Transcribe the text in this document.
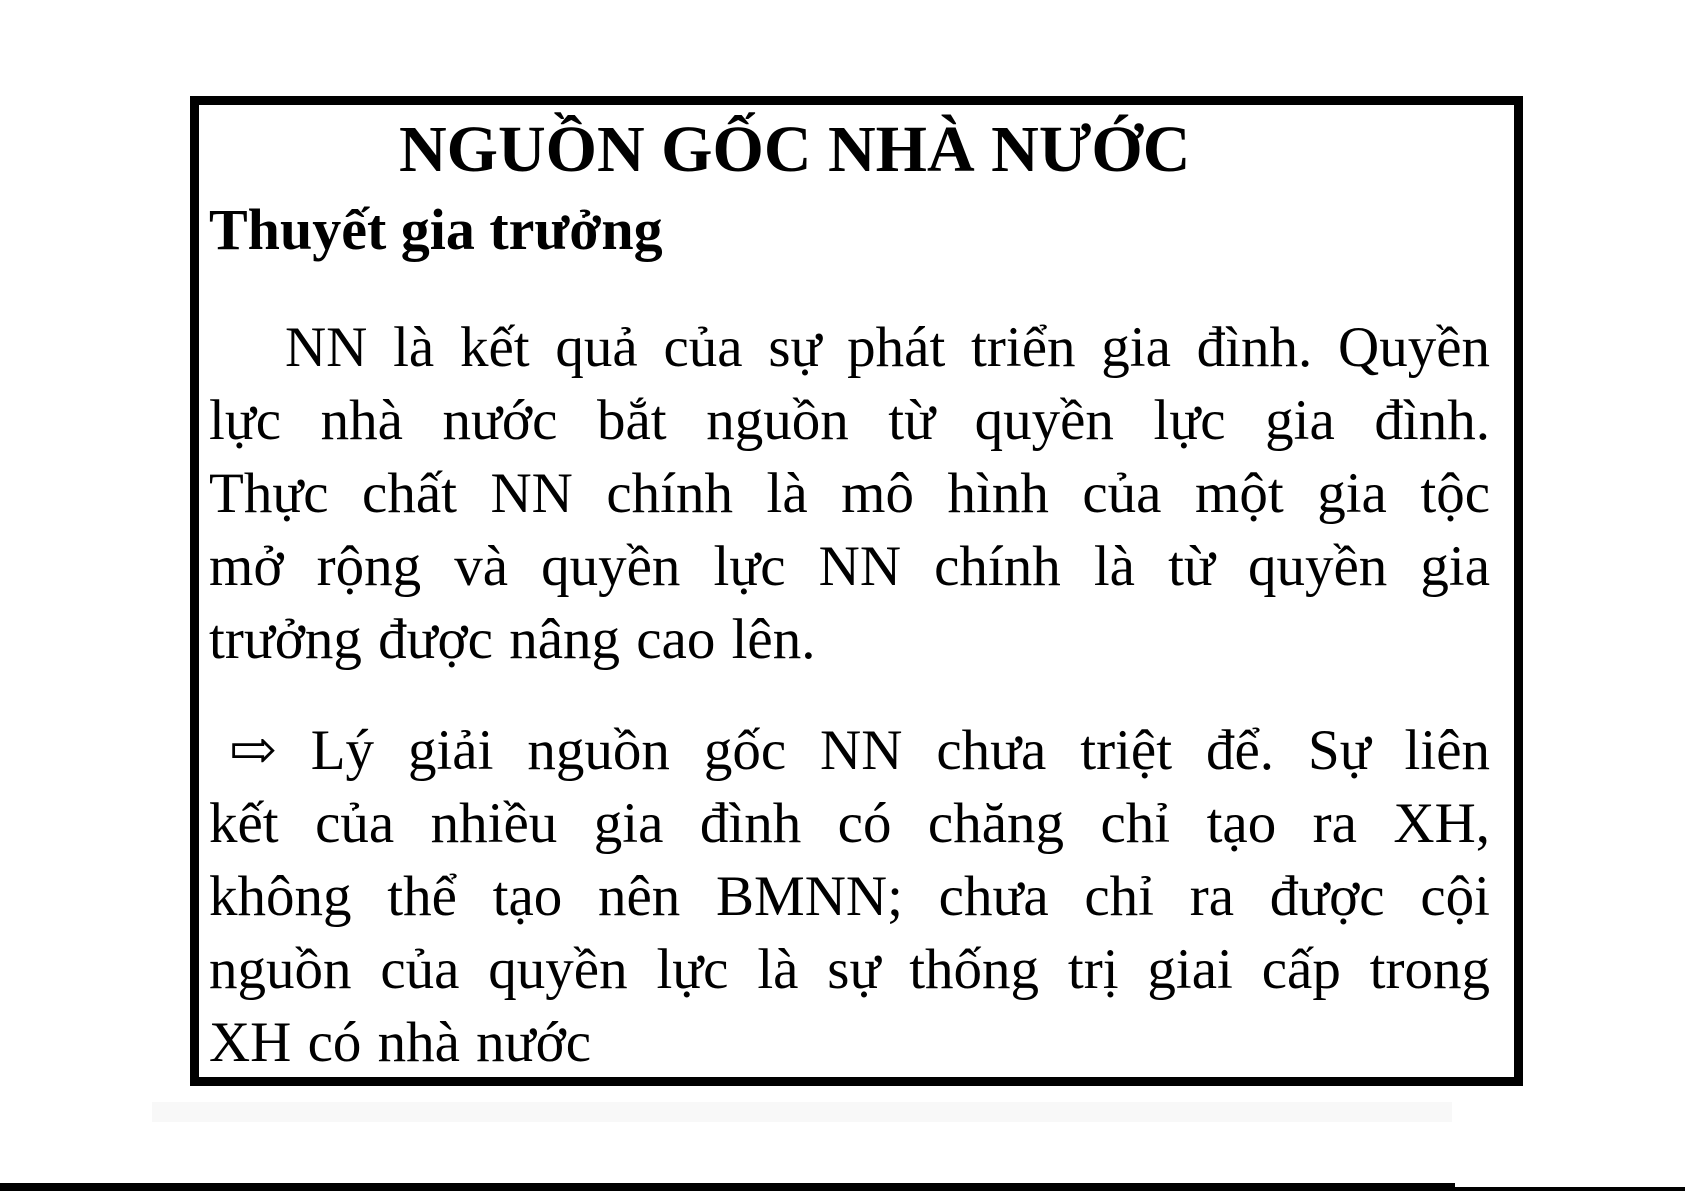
NGUỒN GỐC NHÀ NƯỚC
Thuyết gia trưởng
NN là kết quả của sự phát triển gia đình. Quyền
lực nhà nước bắt nguồn từ quyền lực gia đình.
Thực chất NN chính là mô hình của một gia tộc
mở rộng và quyền lực NN chính là từ quyền gia
trưởng được nâng cao lên.
⇨ Lý giải nguồn gốc NN chưa triệt để. Sự liên
kết của nhiều gia đình có chăng chỉ tạo ra XH,
không thể tạo nên BMNN; chưa chỉ ra được cội
nguồn của quyền lực là sự thống trị giai cấp trong
XH có nhà nước
